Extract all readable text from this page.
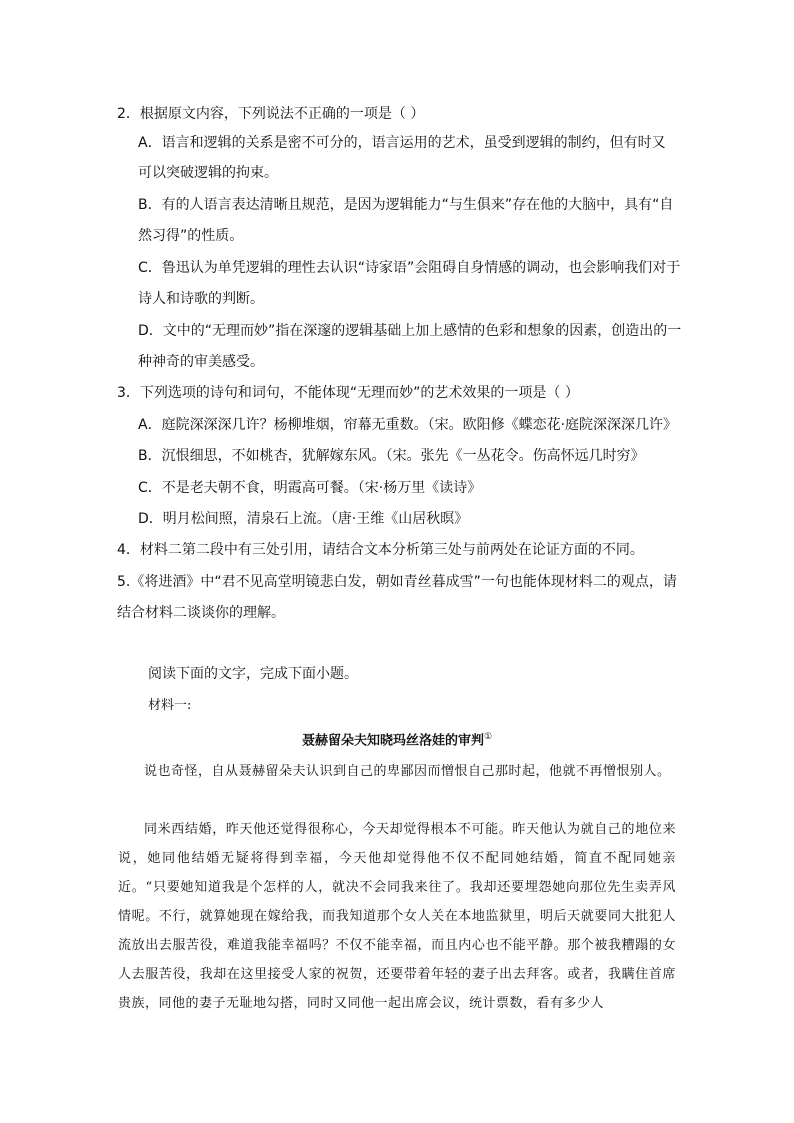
2．根据原文内容，下列说法不正确的一项是（ ）
A．语言和逻辑的关系是密不可分的，语言运用的艺术，虽受到逻辑的制约，但有时又
可以突破逻辑的拘束。
B．有的人语言表达清晰且规范，是因为逻辑能力“与生俱来”存在他的大脑中，具有“自
然习得”的性质。
C．鲁迅认为单凭逻辑的理性去认识“诗家语”会阻碍自身情感的调动，也会影响我们对于
诗人和诗歌的判断。
D．文中的“无理而妙”指在深邃的逻辑基础上加上感情的色彩和想象的因素，创造出的一
种神奇的审美感受。
3．下列选项的诗句和词句，不能体现“无理而妙”的艺术效果的一项是（ ）
A．庭院深深深几许？杨柳堆烟，帘幕无重数。（宋。欧阳修《蝶恋花·庭院深深深几许》
B．沉恨细思，不如桃杏，犹解嫁东风。（宋。张先《一丛花令。伤高怀远几时穷》
C．不是老夫朝不食，明霞高可餐。（宋·杨万里《读诗》
D．明月松间照，清泉石上流。（唐·王维《山居秋暝》
4．材料二第二段中有三处引用，请结合文本分析第三处与前两处在论证方面的不同。
5.《将进酒》中“君不见高堂明镜悲白发，朝如青丝暮成雪”一句也能体现材料二的观点，请
结合材料二谈谈你的理解。
阅读下面的文字，完成下面小题。
材料一:
聂赫留朵夫知晓玛丝洛娃的审判①
说也奇怪，自从聂赫留朵夫认识到自己的卑鄙因而憎恨自己那时起，他就不再憎恨别人。
同米西结婚，昨天他还觉得很称心，今天却觉得根本不可能。昨天他认为就自己的地位来说，她同他结婚无疑将得到幸福，今天他却觉得他不仅不配同她结婚，简直不配同她亲近。“只要她知道我是个怎样的人，就决不会同我来往了。我却还要埋怨她向那位先生卖弄风情呢。不行，就算她现在嫁给我，而我知道那个女人关在本地监狱里，明后天就要同大批犯人流放出去服苦役，难道我能幸福吗？不仅不能幸福，而且内心也不能平静。那个被我糟蹋的女人去服苦役，我却在这里接受人家的祝贺，还要带着年轻的妻子出去拜客。或者，我瞒住首席贵族，同他的妻子无耻地勾搭，同时又同他一起出席会议，统计票数，看有多少人
